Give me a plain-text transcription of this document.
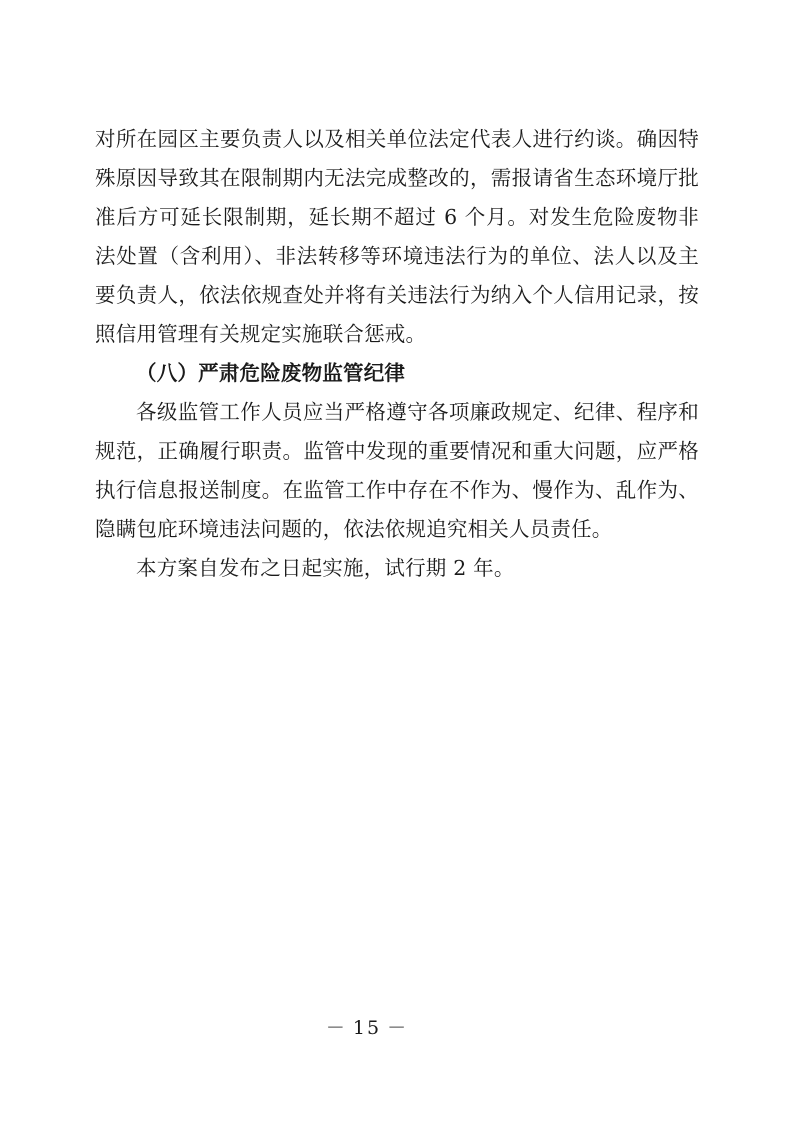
对所在园区主要负责人以及相关单位法定代表人进行约谈。确因特殊原因导致其在限制期内无法完成整改的，需报请省生态环境厅批准后方可延长限制期，延长期不超过 6 个月。对发生危险废物非法处置（含利用）、非法转移等环境违法行为的单位、法人以及主要负责人，依法依规查处并将有关违法行为纳入个人信用记录，按照信用管理有关规定实施联合惩戒。

（八）严肃危险废物监管纪律

各级监管工作人员应当严格遵守各项廉政规定、纪律、程序和规范，正确履行职责。监管中发现的重要情况和重大问题，应严格执行信息报送制度。在监管工作中存在不作为、慢作为、乱作为、隐瞒包庇环境违法问题的，依法依规追究相关人员责任。

本方案自发布之日起实施，试行期 2 年。

－ 15 －
